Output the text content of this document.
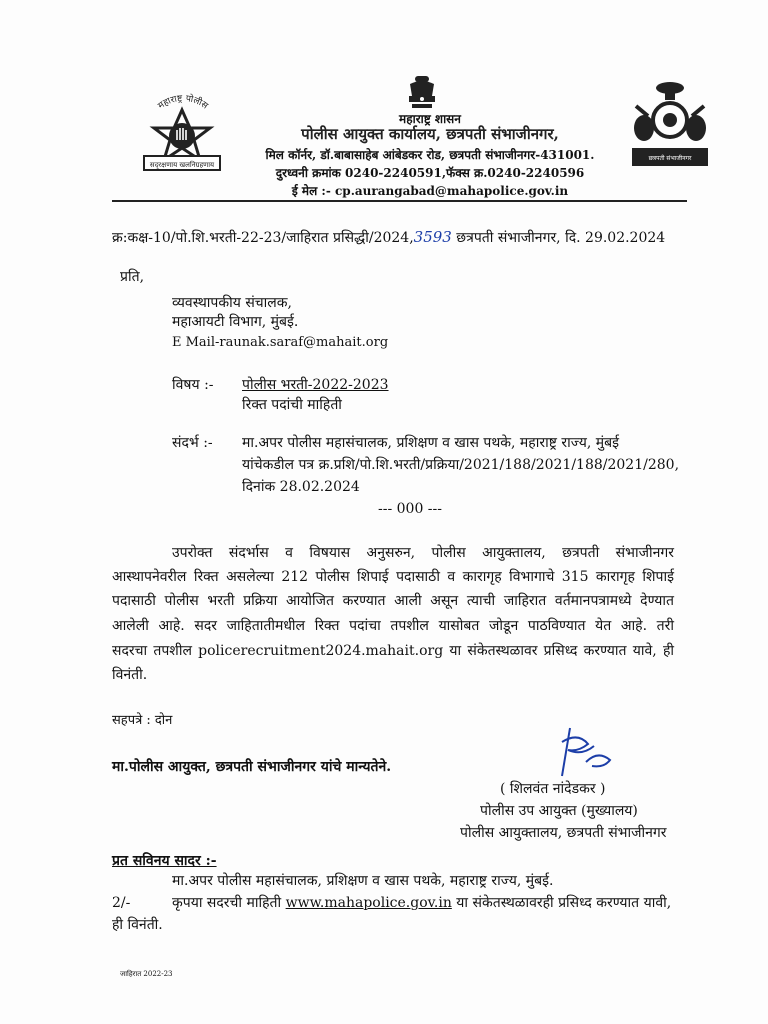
महाराष्ट्र पोलीस
सद्‌रक्षणाय खलनिग्रहणाय
छत्रपती संभाजीनगर
महाराष्ट्र शासन
पोलीस आयुक्त कार्यालय, छत्रपती संभाजीनगर,
मिल कॉर्नर, डॉ.बाबासाहेब आंबेडकर रोड, छत्रपती संभाजीनगर-431001.
दुरध्वनी क्रमांक 0240-2240591,फॅक्स क्र.0240-2240596
ई मेल :- cp.aurangabad@mahapolice.gov.in
क्र:कक्ष-10/पो.शि.भरती-22-23/जाहिरात प्रसिद्धी/2024,3593 छत्रपती संभाजीनगर, दि. 29.02.2024
प्रति,
व्यवस्थापकीय संचालक,
महाआयटी विभाग, मुंबई.
E Mail-raunak.saraf@mahait.org
विषय :- पोलीस भरती-2022-2023
रिक्त पदांची माहिती
संदर्भ :- मा.अपर पोलीस महासंचालक, प्रशिक्षण व खास पथके, महाराष्ट्र राज्य, मुंबई
यांचेकडील पत्र क्र.प्रशि/पो.शि.भरती/प्रक्रिया/2021/188/2021/188/2021/280,
दिनांक 28.02.2024
--- 000 ---
उपरोक्त संदर्भास व विषयास अनुसरुन, पोलीस आयुक्तालय, छत्रपती संभाजीनगर
आस्थापनेवरील रिक्त असलेल्या 212 पोलीस शिपाई पदासाठी व कारागृह विभागाचे 315 कारागृह शिपाई
पदासाठी पोलीस भरती प्रक्रिया आयोजित करण्यात आली असून त्याची जाहिरात वर्तमानपत्रामध्ये देण्यात
आलेली आहे. सदर जाहितातीमधील रिक्त पदांचा तपशील यासोबत जोडून पाठविण्यात येत आहे. तरी
सदरचा तपशील policerecruitment2024.mahait.org या संकेतस्थळावर प्रसिध्द करण्यात यावे, ही
विनंती.
सहपत्रे : दोन
मा.पोलीस आयुक्त, छत्रपती संभाजीनगर यांचे मान्यतेने.
( शिलवंत नांदेडकर )
पोलीस उप आयुक्त (मुख्यालय)
पोलीस आयुक्तालय, छत्रपती संभाजीनगर
प्रत सविनय सादर :-
मा.अपर पोलीस महासंचालक, प्रशिक्षण व खास पथके, महाराष्ट्र राज्य, मुंबई.
2/-	कृपया सदरची माहिती www.mahapolice.gov.in या संकेतस्थळावरही प्रसिध्द करण्यात यावी,
ही विनंती.
जाहिरात 2022-23
